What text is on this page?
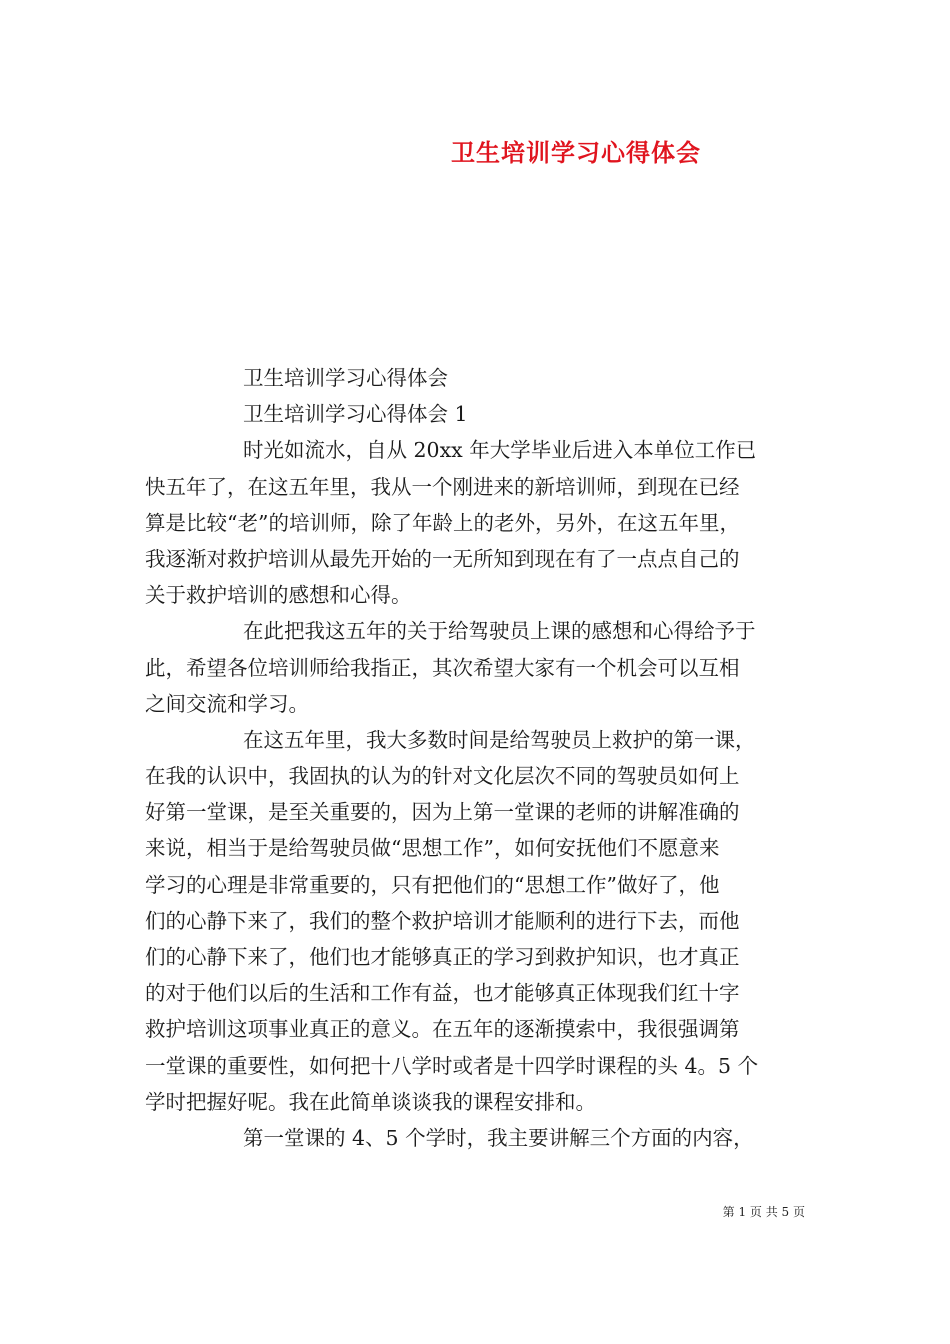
卫生培训学习心得体会

卫生培训学习心得体会

卫生培训学习心得体会 1

时光如流水，自从 20xx 年大学毕业后进入本单位工作已

快五年了，在这五年里，我从一个刚进来的新培训师，到现在已经

算是比较“老”的培训师，除了年龄上的老外，另外，在这五年里，

我逐渐对救护培训从最先开始的一无所知到现在有了一点点自己的

关于救护培训的感想和心得。

在此把我这五年的关于给驾驶员上课的感想和心得给予于

此，希望各位培训师给我指正，其次希望大家有一个机会可以互相

之间交流和学习。

在这五年里，我大多数时间是给驾驶员上救护的第一课，

在我的认识中，我固执的认为的针对文化层次不同的驾驶员如何上

好第一堂课，是至关重要的，因为上第一堂课的老师的讲解准确的

来说，相当于是给驾驶员做“思想工作”，如何安抚他们不愿意来

学习的心理是非常重要的，只有把他们的“思想工作”做好了，他

们的心静下来了，我们的整个救护培训才能顺利的进行下去，而他

们的心静下来了，他们也才能够真正的学习到救护知识，也才真正

的对于他们以后的生活和工作有益，也才能够真正体现我们红十字

救护培训这项事业真正的意义。在五年的逐渐摸索中，我很强调第

一堂课的重要性，如何把十八学时或者是十四学时课程的头 4。5 个

学时把握好呢。我在此简单谈谈我的课程安排和。

第一堂课的 4、5 个学时，我主要讲解三个方面的内容，

第 1 页 共 5 页
